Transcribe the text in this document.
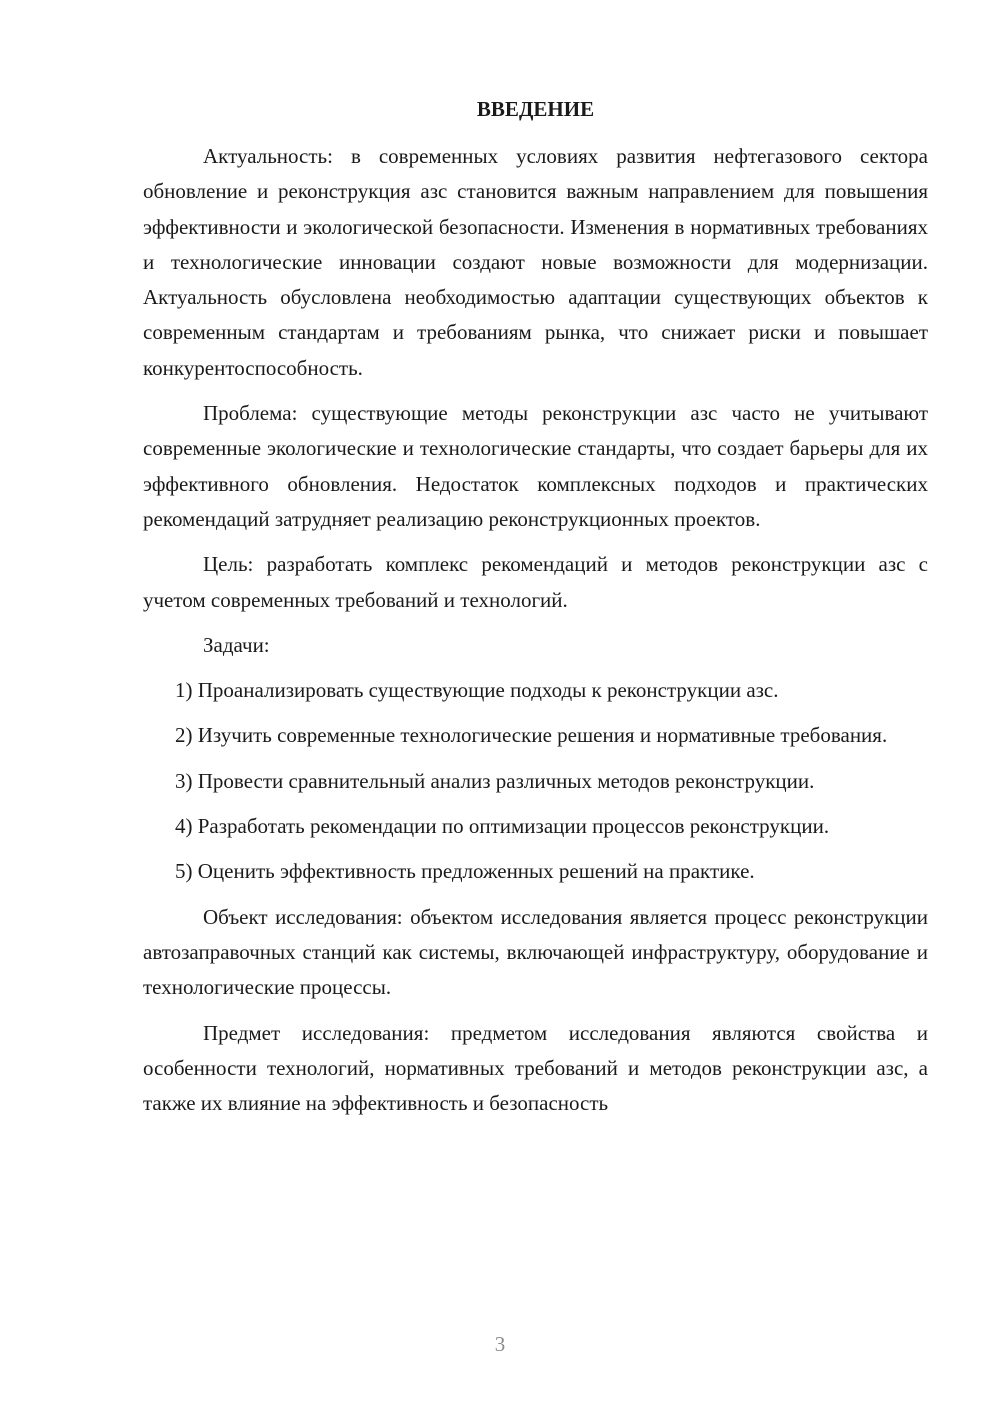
ВВЕДЕНИЕ

Актуальность: в современных условиях развития нефтегазового сектора обновление и реконструкция азс становится важным направлением для повышения эффективности и экологической безопасности. Изменения в нормативных требованиях и технологические инновации создают новые возможности для модернизации. Актуальность обусловлена необходимостью адаптации существующих объектов к современным стандартам и требованиям рынка, что снижает риски и повышает конкурентоспособность.

Проблема: существующие методы реконструкции азс часто не учитывают современные экологические и технологические стандарты, что создает барьеры для их эффективного обновления. Недостаток комплексных подходов и практических рекомендаций затрудняет реализацию реконструкционных проектов.

Цель: разработать комплекс рекомендаций и методов реконструкции азс с учетом современных требований и технологий.

Задачи:

1) Проанализировать существующие подходы к реконструкции азс.

2) Изучить современные технологические решения и нормативные требования.

3) Провести сравнительный анализ различных методов реконструкции.

4) Разработать рекомендации по оптимизации процессов реконструкции.

5) Оценить эффективность предложенных решений на практике.

Объект исследования: объектом исследования является процесс реконструкции автозаправочных станций как системы, включающей инфраструктуру, оборудование и технологические процессы.

Предмет исследования: предметом исследования являются свойства и особенности технологий, нормативных требований и методов реконструкции азс, а также их влияние на эффективность и безопасность

3
